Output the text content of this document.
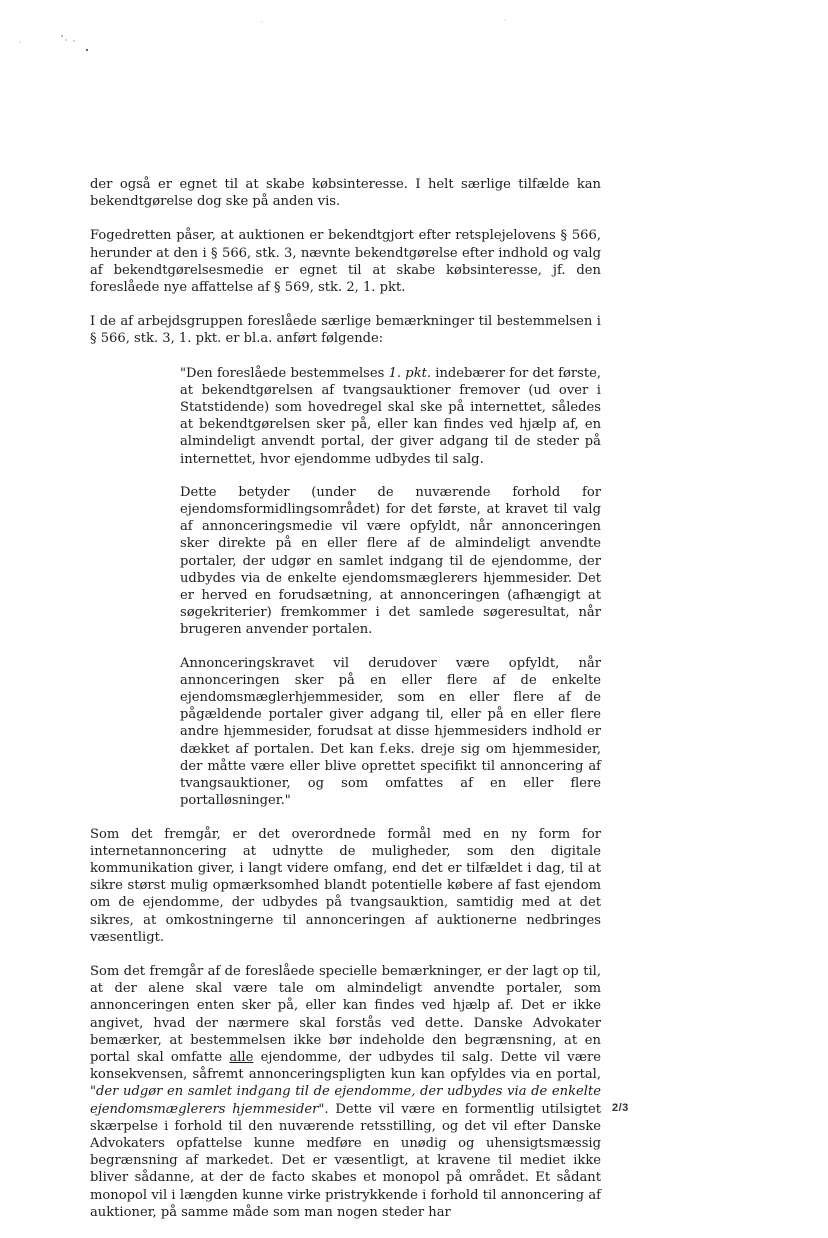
der også er egnet til at skabe købsinteresse. I helt særlige tilfælde kan bekendtgørelse dog ske på anden vis.

Fogedretten påser, at auktionen er bekendtgjort efter retsplejelovens § 566, herunder at den i § 566, stk. 3, nævnte bekendtgørelse efter indhold og valg af bekendtgørelsesmedie er egnet til at skabe købsinteresse, jf. den foreslåede nye affattelse af § 569, stk. 2, 1. pkt.

I de af arbejdsgruppen foreslåede særlige bemærkninger til bestemmelsen i § 566, stk. 3, 1. pkt. er bl.a. anført følgende:

"Den foreslåede bestemmelses 1. pkt. indebærer for det første, at bekendtgørelsen af tvangsauktioner fremover (ud over i Statstidende) som hovedregel skal ske på internettet, således at bekendtgørelsen sker på, eller kan findes ved hjælp af, en almindeligt anvendt portal, der giver adgang til de steder på internettet, hvor ejendomme udbydes til salg.

Dette betyder (under de nuværende forhold for ejendomsformidlingsområdet) for det første, at kravet til valg af annonceringsmedie vil være opfyldt, når annonceringen sker direkte på en eller flere af de almindeligt anvendte portaler, der udgør en samlet indgang til de ejendomme, der udbydes via de enkelte ejendomsmæglerers hjemmesider. Det er herved en forudsætning, at annonceringen (afhængigt at søgekriterier) fremkommer i det samlede søgeresultat, når brugeren anvender portalen.

Annonceringskravet vil derudover være opfyldt, når annonceringen sker på en eller flere af de enkelte ejendomsmæglerhjemmesider, som en eller flere af de pågældende portaler giver adgang til, eller på en eller flere andre hjemmesider, forudsat at disse hjemmesiders indhold er dækket af portalen. Det kan f.eks. dreje sig om hjemmesider, der måtte være eller blive oprettet specifikt til annoncering af tvangsauktioner, og som omfattes af en eller flere portalløsninger."

Som det fremgår, er det overordnede formål med en ny form for internetannoncering at udnytte de muligheder, som den digitale kommunikation giver, i langt videre omfang, end det er tilfældet i dag, til at sikre størst mulig opmærksomhed blandt potentielle købere af fast ejendom om de ejendomme, der udbydes på tvangsauktion, samtidig med at det sikres, at omkostningerne til annonceringen af auktionerne nedbringes væsentligt.

Som det fremgår af de foreslåede specielle bemærkninger, er der lagt op til, at der alene skal være tale om almindeligt anvendte portaler, som annonceringen enten sker på, eller kan findes ved hjælp af. Det er ikke angivet, hvad der nærmere skal forstås ved dette. Danske Advokater bemærker, at bestemmelsen ikke bør indeholde den begrænsning, at en portal skal omfatte alle ejendomme, der udbydes til salg. Dette vil være konsekvensen, såfremt annonceringspligten kun kan opfyldes via en portal, "der udgør en samlet indgang til de ejendomme, der udbydes via de enkelte ejendomsmæglerers hjemmesider". Dette vil være en formentlig utilsigtet skærpelse i forhold til den nuværende retsstilling, og det vil efter Danske Advokaters opfattelse kunne medføre en unødig og uhensigtsmæssig begrænsning af markedet. Det er væsentligt, at kravene til mediet ikke bliver sådanne, at der de facto skabes et monopol på området. Et sådant monopol vil i længden kunne virke pristrykkende i forhold til annoncering af auktioner, på samme måde som man nogen steder har

2/3
